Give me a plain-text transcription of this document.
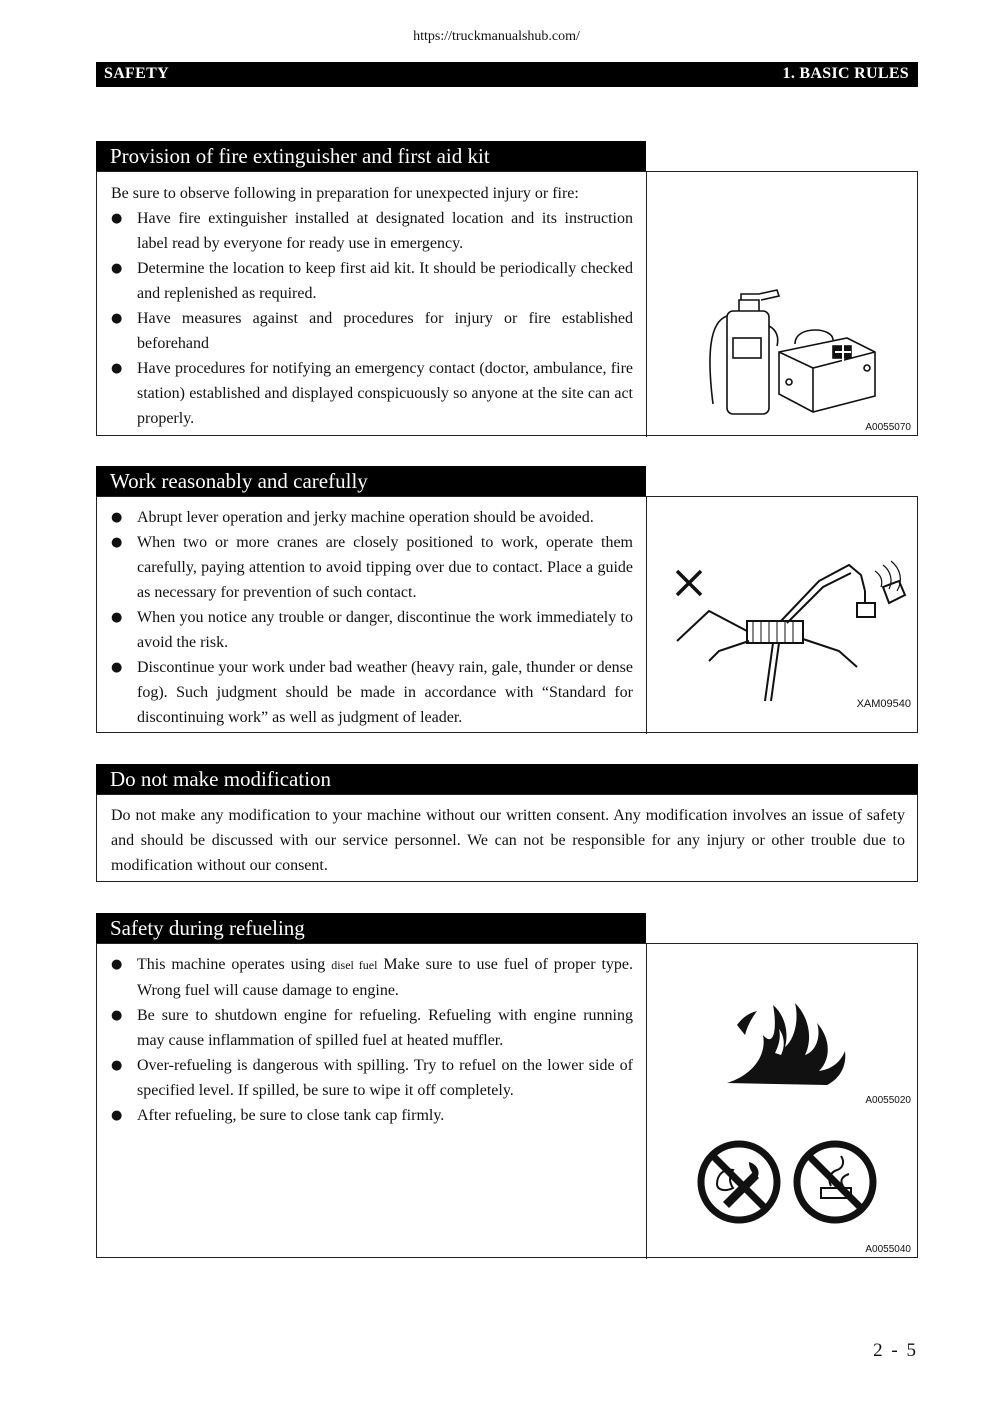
https://truckmanualshub.com/
SAFETY	1. BASIC RULES
Provision of fire extinguisher and first aid kit

Be sure to observe following in preparation for unexpected injury or fire:

● Have fire extinguisher installed at designated location and its instruction label read by everyone for ready use in emergency.
● Determine the location to keep first aid kit. It should be periodically checked and replenished as required.
● Have measures against and procedures for injury or fire established beforehand
● Have procedures for notifying an emergency contact (doctor, ambulance, fire station) established and displayed conspicuously so anyone at the site can act properly.	A0055070
Work reasonably and carefully
● Abrupt lever operation and jerky machine operation should be avoided.
● When two or more cranes are closely positioned to work, operate them carefully, paying attention to avoid tipping over due to contact. Place a guide as necessary for prevention of such contact.
● When you notice any trouble or danger, discontinue the work immediately to avoid the risk.
● Discontinue your work under bad weather (heavy rain, gale, thunder or dense fog). Such judgment should be made in accordance with “Standard for discontinuing work” as well as judgment of leader.
XAM09540
Do not make modification

Do not make any modification to your machine without our written consent. Any modification involves an issue of safety and should be discussed with our service personnel. We can not be responsible for any injury or other trouble due to modification without our consent.

Safety during refueling
● This machine operates using disel fuel Make sure to use fuel of proper type. Wrong fuel will cause damage to engine.
● Be sure to shutdown engine for refueling. Refueling with engine running may cause inflammation of spilled fuel at heated muffler.
● Over-refueling is dangerous with spilling. Try to refuel on the lower side of specified level. If spilled, be sure to wipe it off completely.
● After refueling, be sure to close tank cap firmly.
A0055020
A0055040
2 - 5
